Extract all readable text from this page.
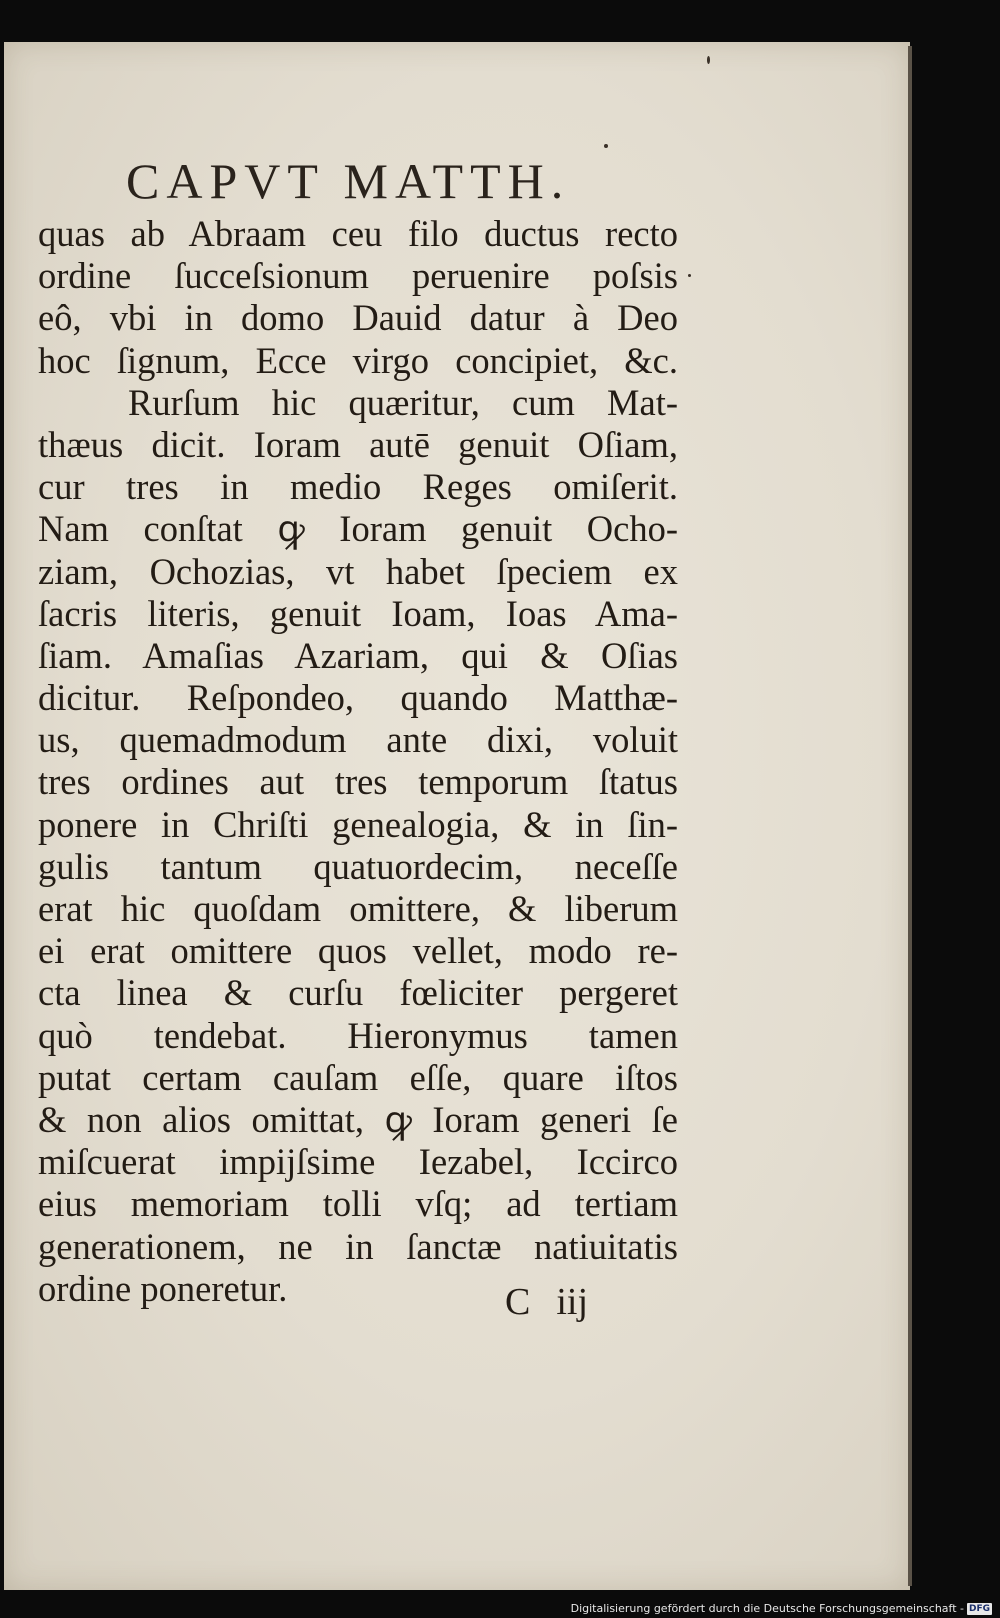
CAPVT MATTH.
quas ab Abraam ceu filo ductus recto
ordine ſucceſsionum peruenire poſsis
eô, vbi in domo Dauid datur à Deo
hoc ſignum, Ecce virgo concipiet, &c.
Rurſum hic quæritur, cum Mat-
thæus dicit. Ioram autē genuit Oſiam,
cur tres in medio Reges omiſerit.
Nam conſtat ꝙ Ioram genuit Ocho-
ziam, Ochozias, vt habet ſpeciem ex
ſacris literis, genuit Ioam, Ioas Ama-
ſiam. Amaſias Azariam, qui & Oſias
dicitur. Reſpondeo, quando Matthæ-
us, quemadmodum ante dixi, voluit
tres ordines aut tres temporum ſtatus
ponere in Chriſti genealogia, & in ſin-
gulis tantum quatuordecim, neceſſe
erat hic quoſdam omittere, & liberum
ei erat omittere quos vellet, modo re-
cta linea & curſu fœliciter pergeret
quò tendebat. Hieronymus tamen
putat certam cauſam eſſe, quare iſtos
& non alios omittat, ꝙ Ioram generi ſe
miſcuerat impijſsime Iezabel, Iccirco
eius memoriam tolli vſq; ad tertiam
generationem, ne in ſanctæ natiuitatis
ordine poneretur.	C iij
Digitalisierung gefördert durch die Deutsche Forschungsgemeinschaft - DFG
